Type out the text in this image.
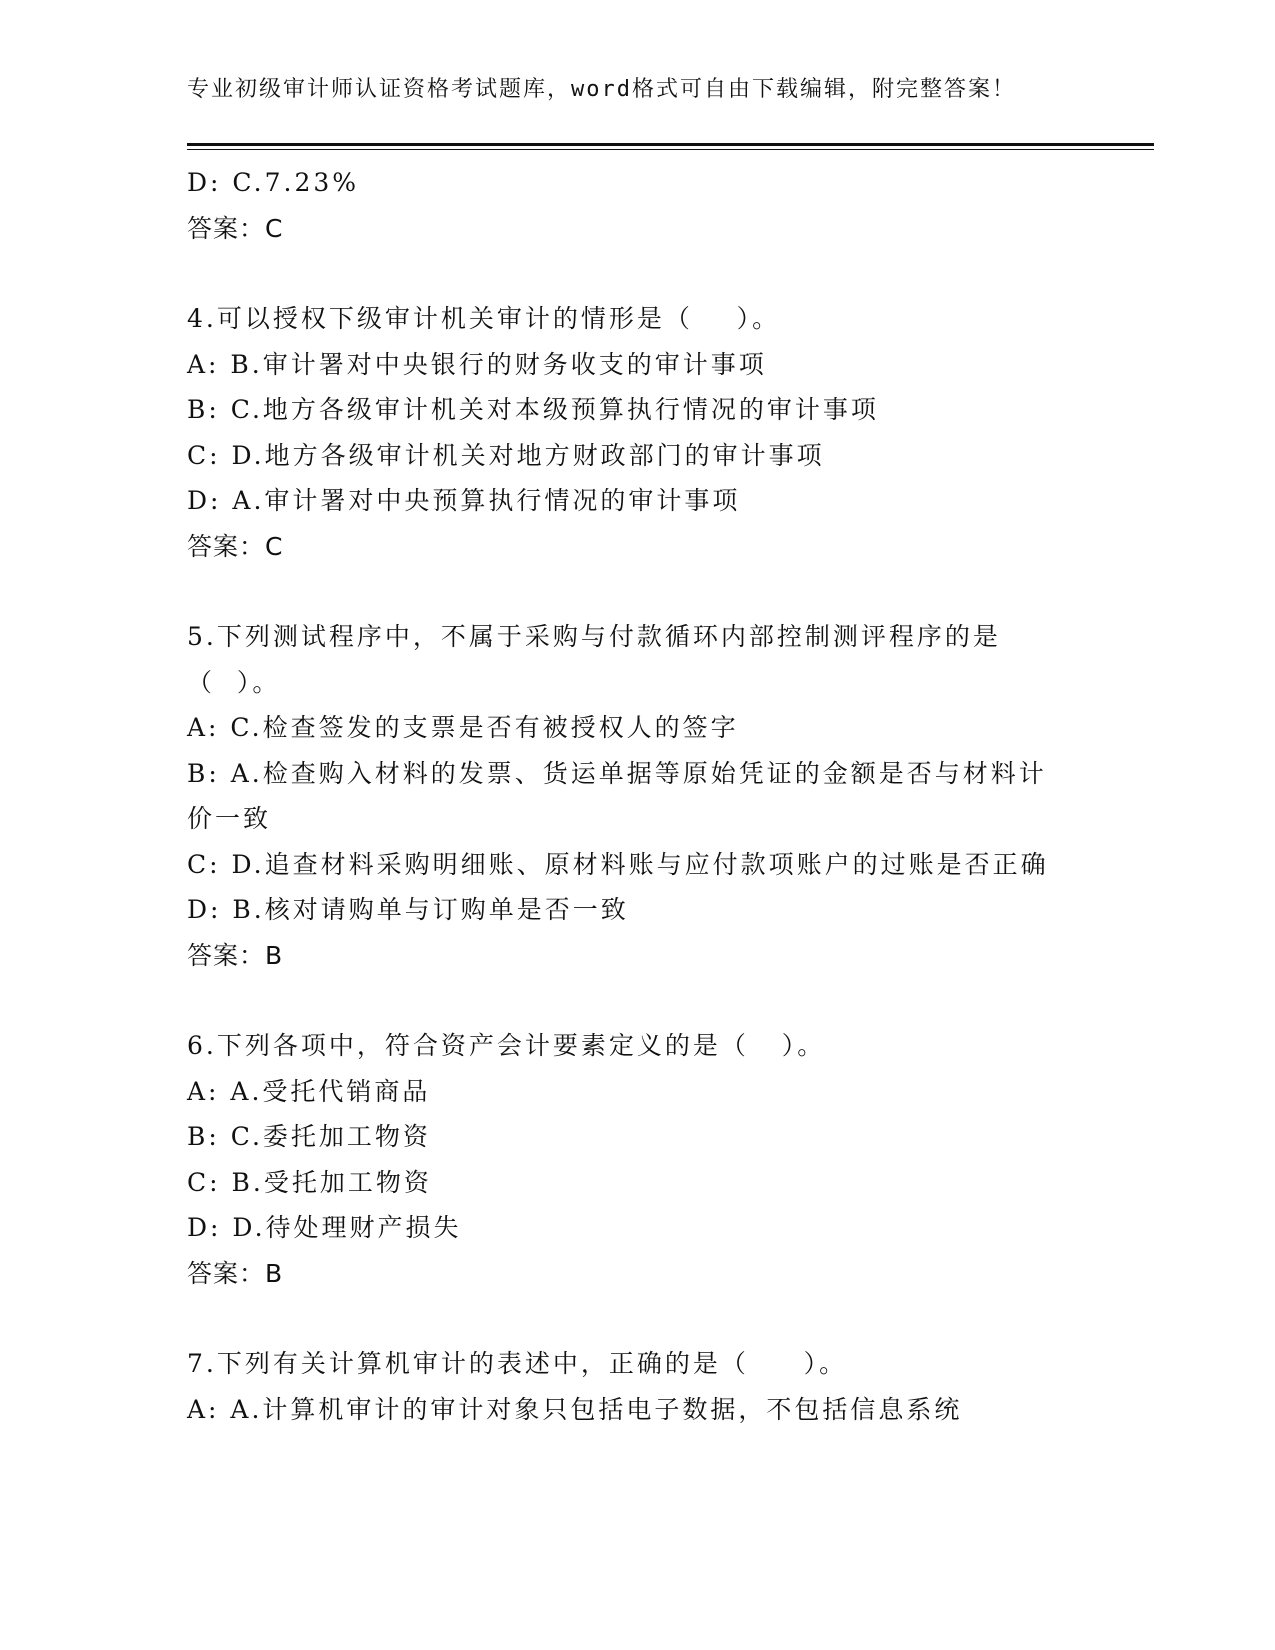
专业初级审计师认证资格考试题库，word格式可自由下载编辑，附完整答案！
D: C.7.23%
答案：C
4.可以授权下级审计机关审计的情形是（    ）。
A: B.审计署对中央银行的财务收支的审计事项
B: C.地方各级审计机关对本级预算执行情况的审计事项
C: D.地方各级审计机关对地方财政部门的审计事项
D: A.审计署对中央预算执行情况的审计事项
答案：C
5.下列测试程序中，不属于采购与付款循环内部控制测评程序的是（  ）。
A: C.检查签发的支票是否有被授权人的签字
B: A.检查购入材料的发票、货运单据等原始凭证的金额是否与材料计价一致
C: D.追查材料采购明细账、原材料账与应付款项账户的过账是否正确
D: B.核对请购单与订购单是否一致
答案：B
6.下列各项中，符合资产会计要素定义的是（   ）。
A: A.受托代销商品
B: C.委托加工物资
C: B.受托加工物资
D: D.待处理财产损失
答案：B
7.下列有关计算机审计的表述中，正确的是（     ）。
A: A.计算机审计的审计对象只包括电子数据，不包括信息系统
